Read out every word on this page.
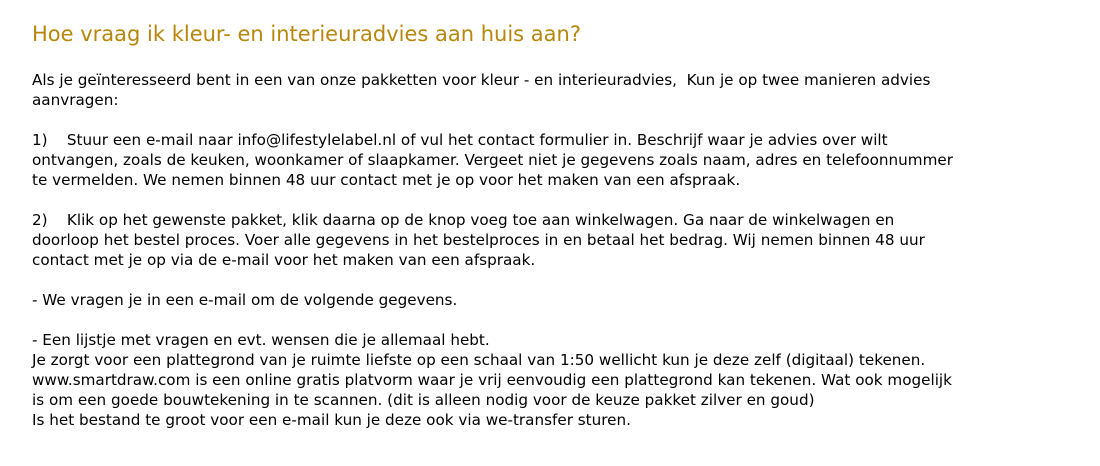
Hoe vraag ik kleur- en interieuradvies aan huis aan?

Als je geïnteresseerd bent in een van onze pakketten voor kleur - en interieuradvies,  Kun je op twee manieren advies
aanvragen:

1)    Stuur een e-mail naar info@lifestylelabel.nl of vul het contact formulier in. Beschrijf waar je advies over wilt
ontvangen, zoals de keuken, woonkamer of slaapkamer. Vergeet niet je gegevens zoals naam, adres en telefoonnummer
te vermelden. We nemen binnen 48 uur contact met je op voor het maken van een afspraak.

2)    Klik op het gewenste pakket, klik daarna op de knop voeg toe aan winkelwagen. Ga naar de winkelwagen en
doorloop het bestel proces. Voer alle gegevens in het bestelproces in en betaal het bedrag. Wij nemen binnen 48 uur
contact met je op via de e-mail voor het maken van een afspraak.

- We vragen je in een e-mail om de volgende gegevens.

- Een lijstje met vragen en evt. wensen die je allemaal hebt.
Je zorgt voor een plattegrond van je ruimte liefste op een schaal van 1:50 wellicht kun je deze zelf (digitaal) tekenen.
www.smartdraw.com is een online gratis platvorm waar je vrij eenvoudig een plattegrond kan tekenen. Wat ook mogelijk
is om een goede bouwtekening in te scannen. (dit is alleen nodig voor de keuze pakket zilver en goud)
Is het bestand te groot voor een e-mail kun je deze ook via we-transfer sturen.
